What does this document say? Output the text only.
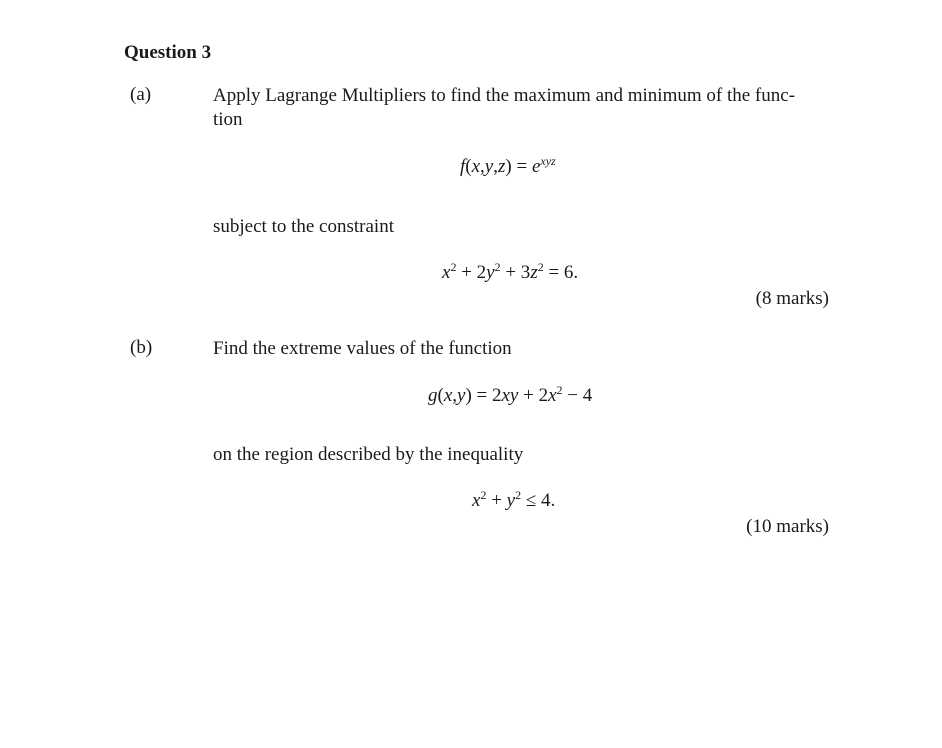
Question 3
(a)	Apply Lagrange Multipliers to find the maximum and minimum of the func-
tion
$f(x,y,z) = e^{xyz}$
subject to the constraint
$x^2 + 2y^2 + 3z^2 = 6$.
(8 marks)
(b)	Find the extreme values of the function
$g(x,y) = 2xy + 2x^2 - 4$
on the region described by the inequality
$x^2 + y^2 \le 4$.
(10 marks)
